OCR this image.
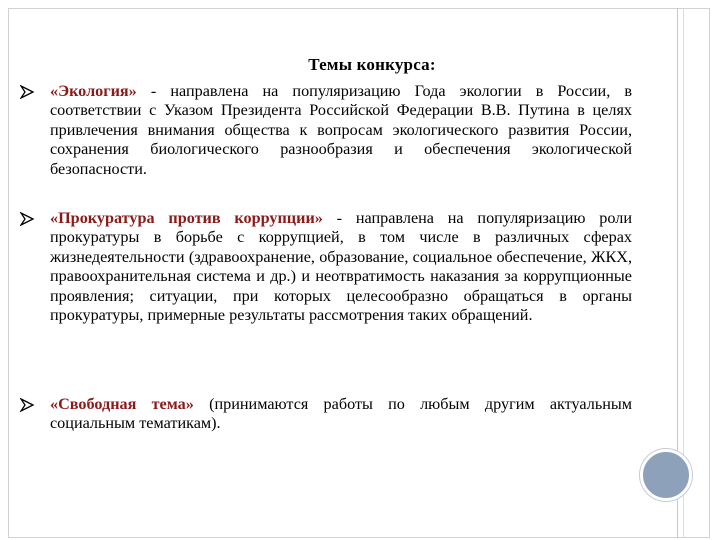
Темы конкурса:
«Экология» - направлена на популяризацию Года экологии в России, в соответствии с Указом Президента Российской Федерации В.В. Путина в целях привлечения внимания общества к вопросам экологического развития России, сохранения биологического разнообразия и обеспечения экологической безопасности.
«Прокуратура против коррупции» - направлена на популяризацию роли прокуратуры в борьбе с коррупцией, в том числе в различных сферах жизнедеятельности (здравоохранение, образование, социальное обеспечение, ЖКХ, правоохранительная система и др.) и неотвратимость наказания за коррупционные проявления; ситуации, при которых целесообразно обращаться в органы прокуратуры, примерные результаты рассмотрения таких обращений.
«Свободная тема» (принимаются работы по любым другим актуальным социальным тематикам).
